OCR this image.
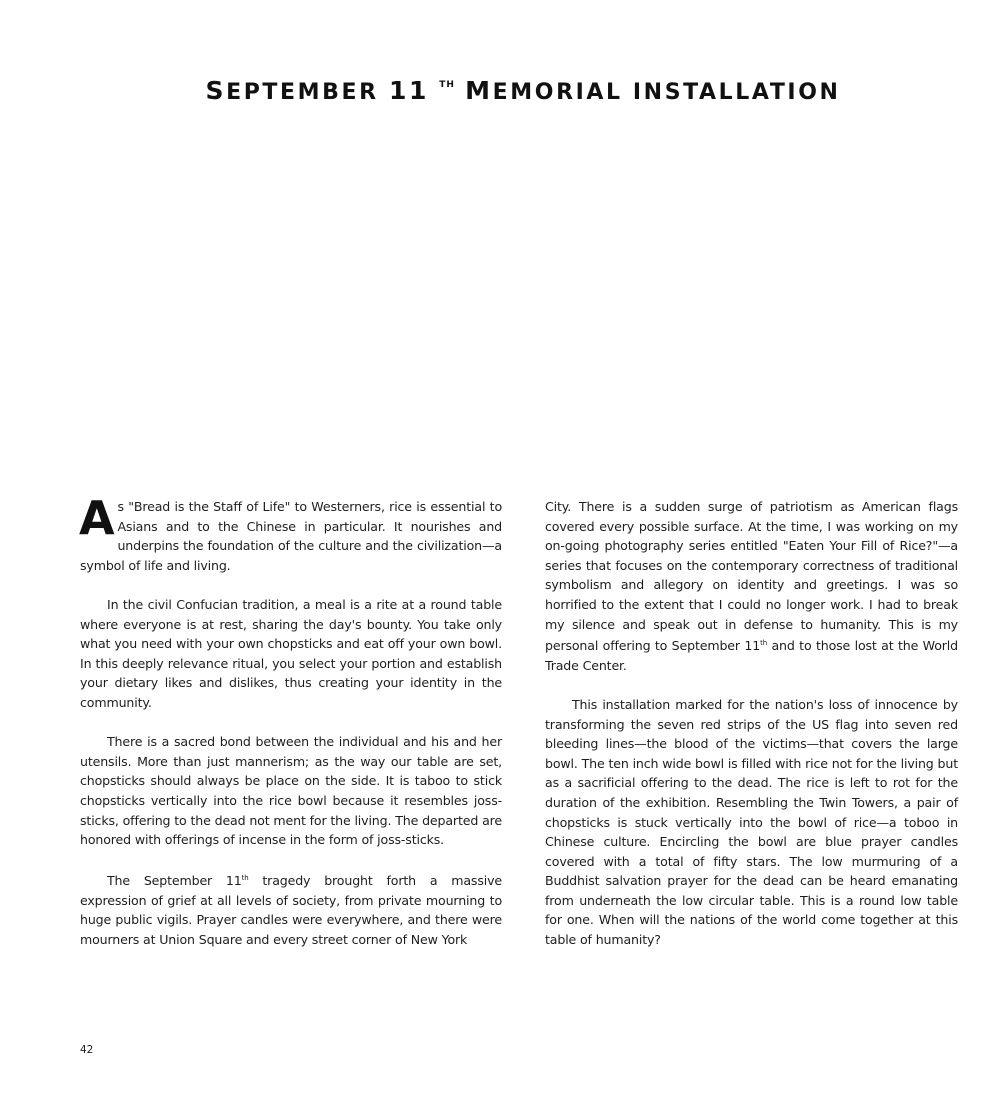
SEPTEMBER 11 $^{TH}$ MEMORIAL INSTALLATION

As "Bread is the Staff of Life" to Westerners, rice is essential to Asians and to the Chinese in particular. It nourishes and underpins the foundation of the culture and the civilization—a symbol of life and living.

In the civil Confucian tradition, a meal is a rite at a round table where everyone is at rest, sharing the day's bounty. You take only what you need with your own chopsticks and eat off your own bowl. In this deeply relevance ritual, you select your portion and establish your dietary likes and dislikes, thus creating your identity in the community.

There is a sacred bond between the individual and his and her utensils. More than just mannerism; as the way our table are set, chopsticks should always be place on the side. It is taboo to stick chopsticks vertically into the rice bowl because it resembles joss-sticks, offering to the dead not ment for the living. The departed are honored with offerings of incense in the form of joss-sticks.

The September 11th tragedy brought forth a massive expression of grief at all levels of society, from private mourning to huge public vigils. Prayer candles were everywhere, and there were mourners at Union Square and every street corner of New York

City. There is a sudden surge of patriotism as American flags covered every possible surface. At the time, I was working on my on-going photography series entitled "Eaten Your Fill of Rice?"—a series that focuses on the contemporary correctness of traditional symbolism and allegory on identity and greetings. I was so horrified to the extent that I could no longer work. I had to break my silence and speak out in defense to humanity. This is my personal offering to September 11th and to those lost at the World Trade Center.

This installation marked for the nation's loss of innocence by transforming the seven red strips of the US flag into seven red bleeding lines—the blood of the victims—that covers the large bowl. The ten inch wide bowl is filled with rice not for the living but as a sacrificial offering to the dead. The rice is left to rot for the duration of the exhibition. Resembling the Twin Towers, a pair of chopsticks is stuck vertically into the bowl of rice—a toboo in Chinese culture. Encircling the bowl are blue prayer candles covered with a total of fifty stars. The low murmuring of a Buddhist salvation prayer for the dead can be heard emanating from underneath the low circular table. This is a round low table for one. When will the nations of the world come together at this table of humanity?

42
